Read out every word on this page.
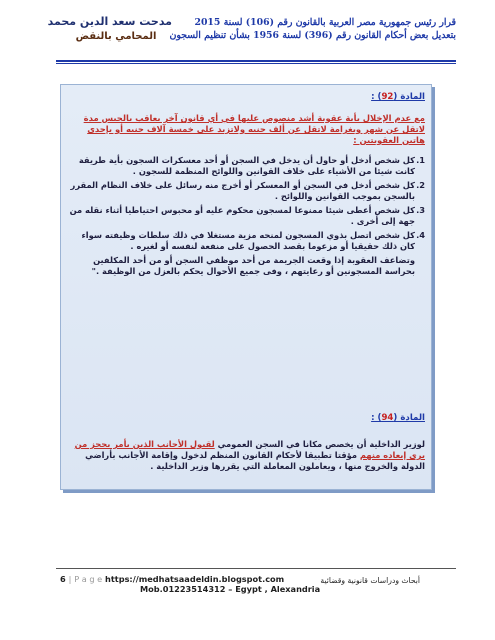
قرار رئيس جمهورية مصر العربية بالقانون رقم (106) لسنة 2015
بتعديل بعض أحكام القانون رقم (396) لسنة 1956 بشأن تنظيم السجون
مدحت سعد الدين محمد
المحامي بالنقض
المادة (92) :
مع عدم الإخلال بأية عقوبة أشد منصوص عليها في أي قانون آخر يعاقب بالحبس مدة لاتقل عن شهر وبغرامة لاتقل عن ألف جنيه ولاتزيد على خمسة آلاف جنيه أو بإحدى هاتين العقوبتين :
1.
كل شخص أدخل أو حاول أن يدخل في السجن أو أحد معسكرات السجون بأية طريقة كانت شيئا من الأشياء على خلاف القوانين واللوائح المنظمة للسجون .
2.
كل شخص أدخل في السجن أو المعسكر أو أخرج منه رسائل على خلاف النظام المقرر بالسجن بموجب القوانين واللوائح .
3.
كل شخص أعطى شيئا ممنوعا لمسجون محكوم عليه أو محبوس احتياطيا أثناء نقله من جهة إلى أخرى .
4.
كل شخص اتصل بذوي المسجون لمنحه مزية مستغلا في ذلك سلطات وظيفته سواء كان ذلك حقيقيا أو مزعوما بقصد الحصول على منفعة لنفسه أو لغيره .
وتضاعف العقوبة إذا وقعت الجريمة من أحد موظفي السجن أو من أحد المكلفين بحراسة المسجونين أو رعايتهم ، وفى جميع الأحوال يحكم بالعزل من الوظيفة ."
المادة (94) :
لوزير الداخلية أن يخصص مكانا في السجن العمومي لقبول الأجانب الذين يأمر بحجز من يرى إبعاده منهم مؤقتا تطبيقا لأحكام القانون المنظم لدخول وإقامة الأجانب بأراضي الدولة والخروج منها ، ويعاملون المعاملة التي يقررها وزير الداخلية .
6 | P a g e https://medhatsaadeldin.blogspot.com
Mob.01223514312 – Egypt , Alexandria
أبحاث ودراسات قانونية وقضائية
